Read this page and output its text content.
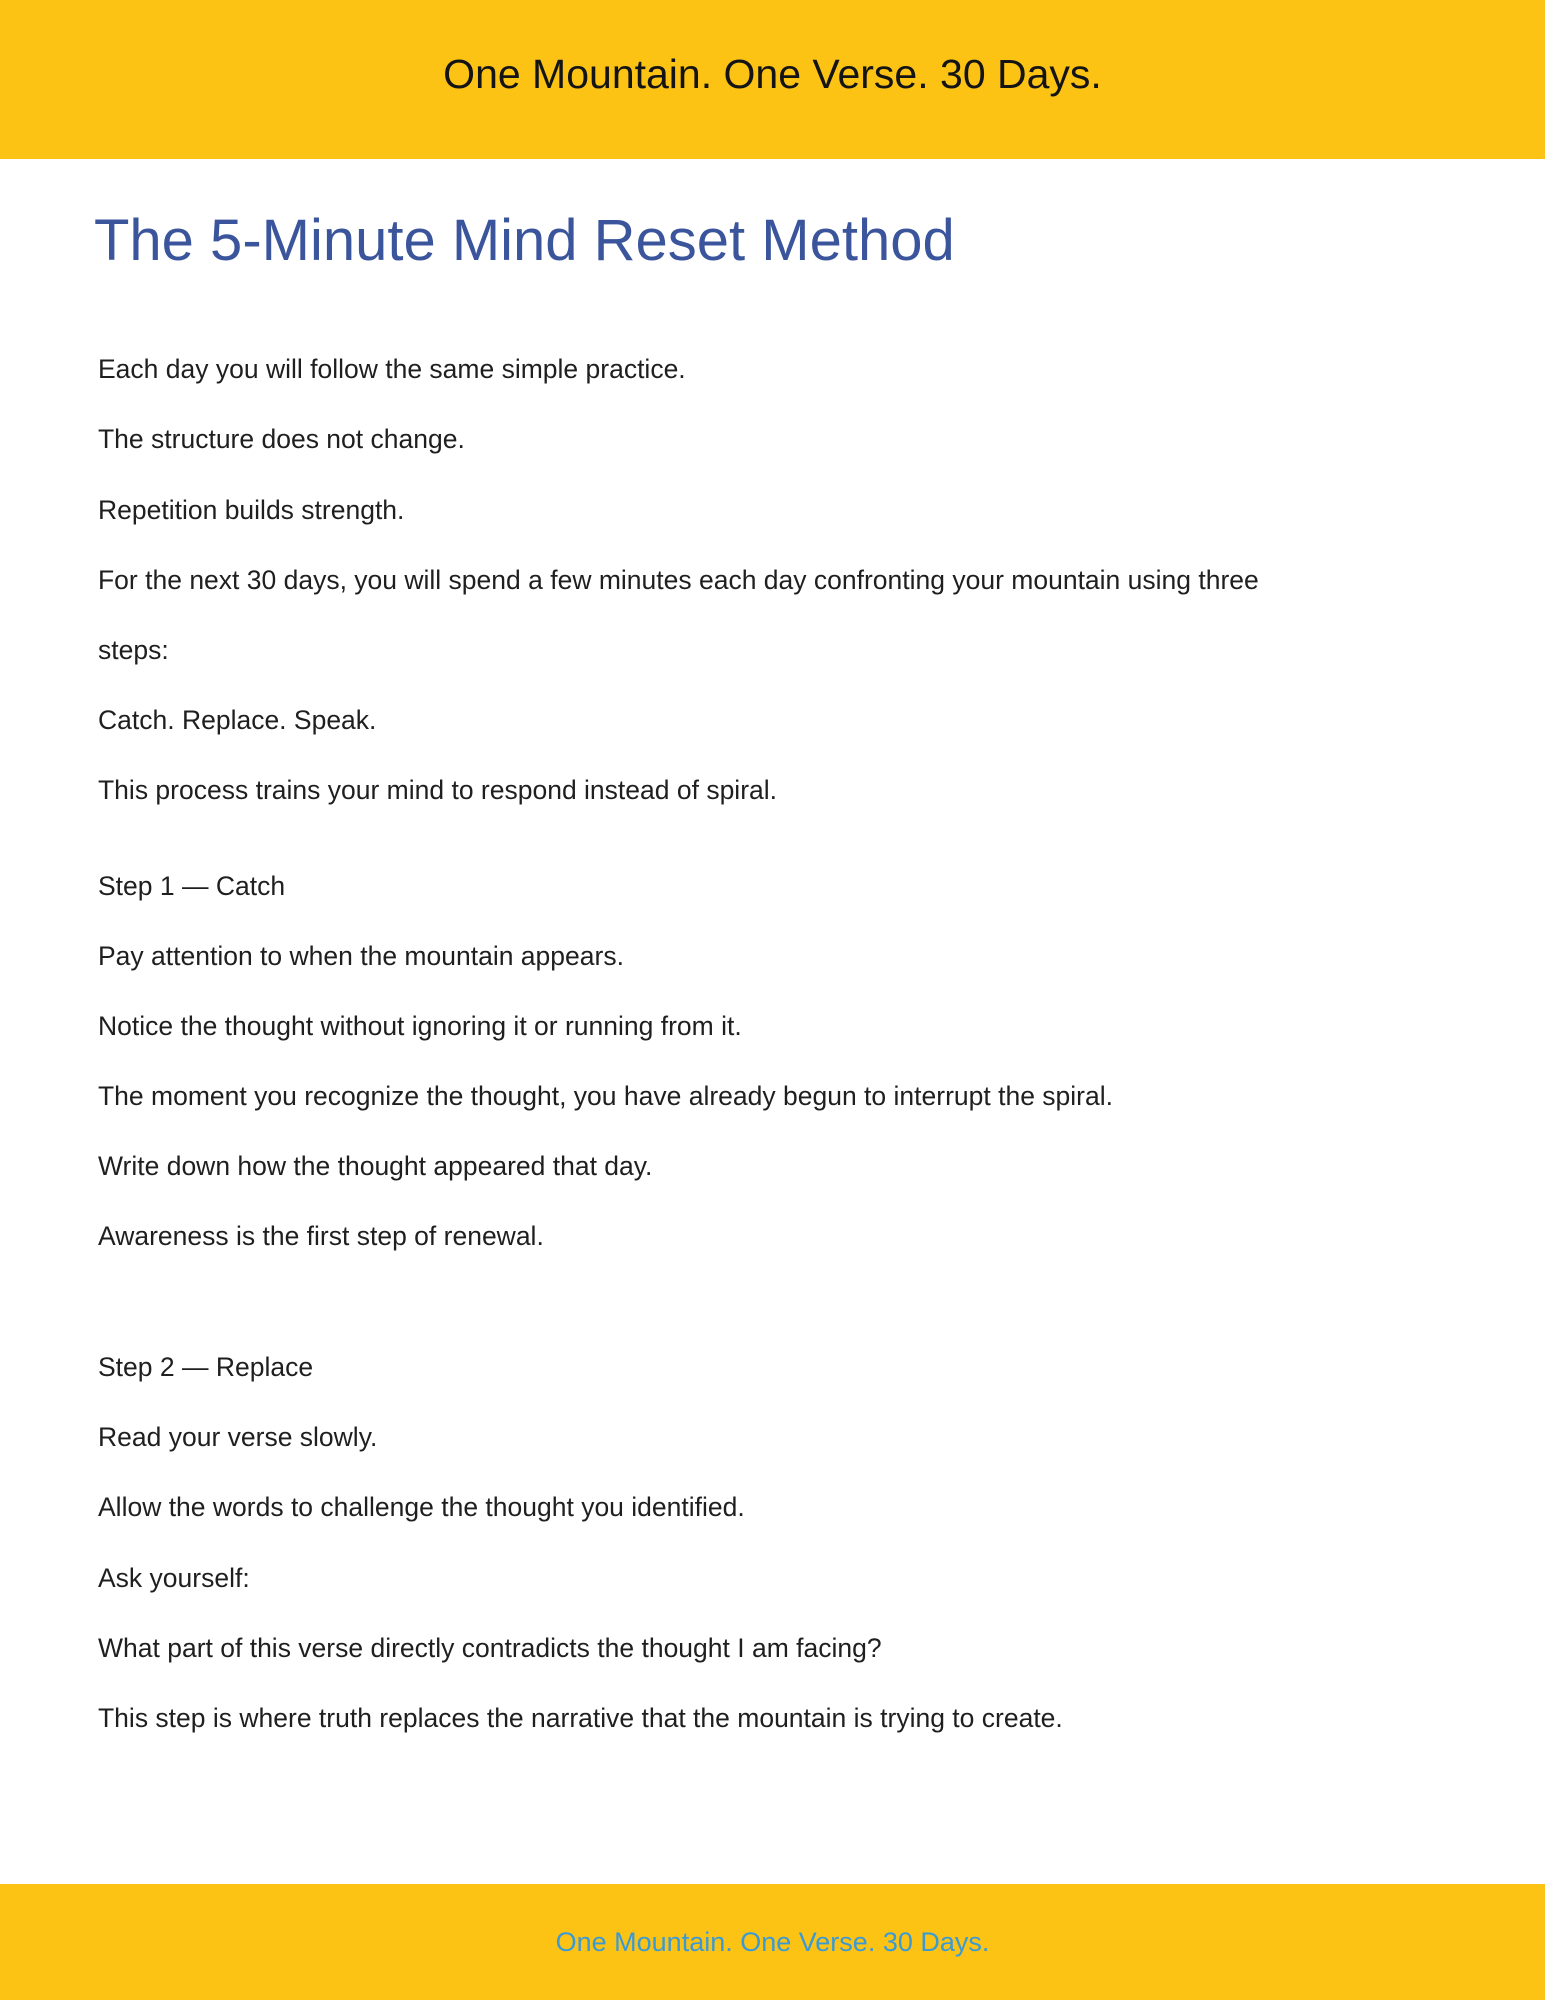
One Mountain. One Verse. 30 Days.
The 5-Minute Mind Reset Method

Each day you will follow the same simple practice.

The structure does not change.

Repetition builds strength.

For the next 30 days, you will spend a few minutes each day confronting your mountain using three

steps:

Catch. Replace. Speak.

This process trains your mind to respond instead of spiral.

Step 1 — Catch

Pay attention to when the mountain appears.

Notice the thought without ignoring it or running from it.

The moment you recognize the thought, you have already begun to interrupt the spiral.

Write down how the thought appeared that day.

Awareness is the first step of renewal.

Step 2 — Replace

Read your verse slowly.

Allow the words to challenge the thought you identified.

Ask yourself:

What part of this verse directly contradicts the thought I am facing?

This step is where truth replaces the narrative that the mountain is trying to create.

One Mountain. One Verse. 30 Days.
